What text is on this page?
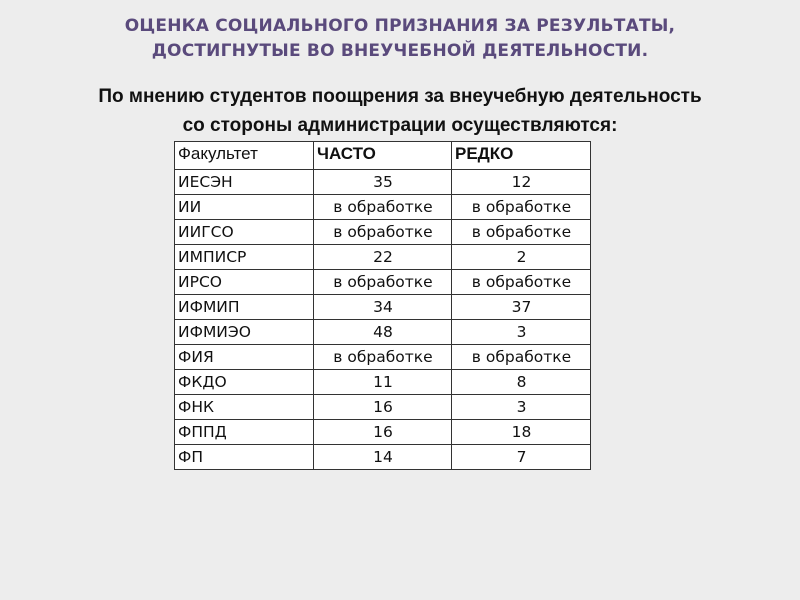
ОЦЕНКА СОЦИАЛЬНОГО ПРИЗНАНИЯ ЗА РЕЗУЛЬТАТЫ,
ДОСТИГНУТЫЕ ВО ВНЕУЧЕБНОЙ ДЕЯТЕЛЬНОСТИ.
По мнению студентов поощрения за внеучебную деятельность
со стороны администрации осуществляются:
Факультет	ЧАСТО	РЕДКО
ИЕСЭН	35	12
ИИ	в обработке	в обработке
ИИГСО	в обработке	в обработке
ИМПИСР	22	2
ИРСО	в обработке	в обработке
ИФМИП	34	37
ИФМИЭО	48	3
ФИЯ	в обработке	в обработке
ФКДО	11	8
ФНК	16	3
ФППД	16	18
ФП	14	7
